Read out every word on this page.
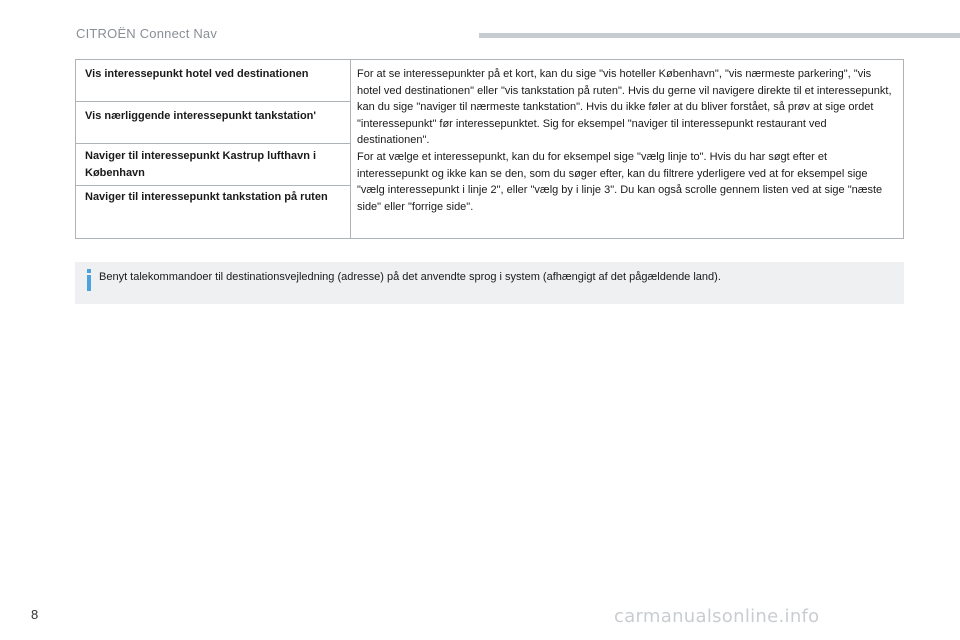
CITROËN Connect Nav
Vis interessepunkt hotel ved destinationen
Vis nærliggende interessepunkt tankstation'
Naviger til interessepunkt Kastrup lufthavn i København
Naviger til interessepunkt tankstation på ruten

For at se interessepunkter på et kort, kan du sige "vis hoteller København", "vis nærmeste parkering", "vis hotel ved destinationen" eller "vis tankstation på ruten". Hvis du gerne vil navigere direkte til et interessepunkt, kan du sige "naviger til nærmeste tankstation". Hvis du ikke føler at du bliver forstået, så prøv at sige ordet "interessepunkt" før interessepunktet. Sig for eksempel "naviger til interessepunkt restaurant ved destinationen".

For at vælge et interessepunkt, kan du for eksempel sige "vælg linje to". Hvis du har søgt efter et interessepunkt og ikke kan se den, som du søger efter, kan du filtrere yderligere ved at for eksempel sige "vælg interessepunkt i linje 2", eller "vælg by i linje 3". Du kan også scrolle gennem listen ved at sige "næste side" eller "forrige side".

Benyt talekommandoer til destinationsvejledning (adresse) på det anvendte sprog i system (afhængigt af det pågældende land).
8	carmanualsonline.info
